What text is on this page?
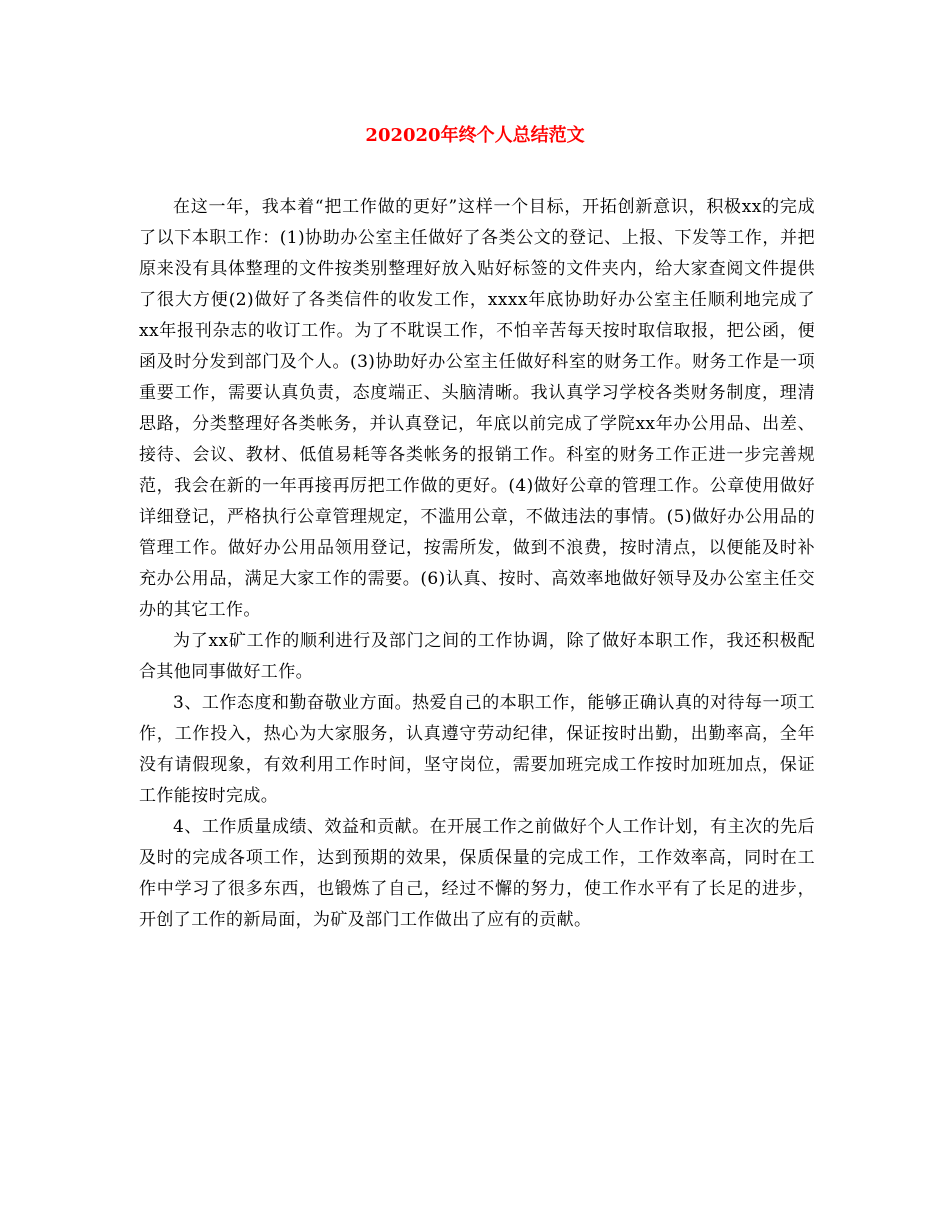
202020年终个人总结范文

在这一年，我本着“把工作做的更好”这样一个目标，开拓创新意识，积极xx的完成了以下本职工作：(1)协助办公室主任做好了各类公文的登记、上报、下发等工作，并把原来没有具体整理的文件按类别整理好放入贴好标签的文件夹内，给大家查阅文件提供了很大方便(2)做好了各类信件的收发工作，xxxx年底协助好办公室主任顺利地完成了xx年报刊杂志的收订工作。为了不耽误工作，不怕辛苦每天按时取信取报，把公函，便函及时分发到部门及个人。(3)协助好办公室主任做好科室的财务工作。财务工作是一项重要工作，需要认真负责，态度端正、头脑清晰。我认真学习学校各类财务制度，理清思路，分类整理好各类帐务，并认真登记，年底以前完成了学院xx年办公用品、出差、接待、会议、教材、低值易耗等各类帐务的报销工作。科室的财务工作正进一步完善规范，我会在新的一年再接再厉把工作做的更好。(4)做好公章的管理工作。公章使用做好详细登记，严格执行公章管理规定，不滥用公章，不做违法的事情。(5)做好办公用品的管理工作。做好办公用品领用登记，按需所发，做到不浪费，按时清点，以便能及时补充办公用品，满足大家工作的需要。(6)认真、按时、高效率地做好领导及办公室主任交办的其它工作。

为了xx矿工作的顺利进行及部门之间的工作协调，除了做好本职工作，我还积极配合其他同事做好工作。

3、工作态度和勤奋敬业方面。热爱自己的本职工作，能够正确认真的对待每一项工作，工作投入，热心为大家服务，认真遵守劳动纪律，保证按时出勤，出勤率高，全年没有请假现象，有效利用工作时间，坚守岗位，需要加班完成工作按时加班加点，保证工作能按时完成。

4、工作质量成绩、效益和贡献。在开展工作之前做好个人工作计划，有主次的先后及时的完成各项工作，达到预期的效果，保质保量的完成工作，工作效率高，同时在工作中学习了很多东西，也锻炼了自己，经过不懈的努力，使工作水平有了长足的进步，开创了工作的新局面，为矿及部门工作做出了应有的贡献。
